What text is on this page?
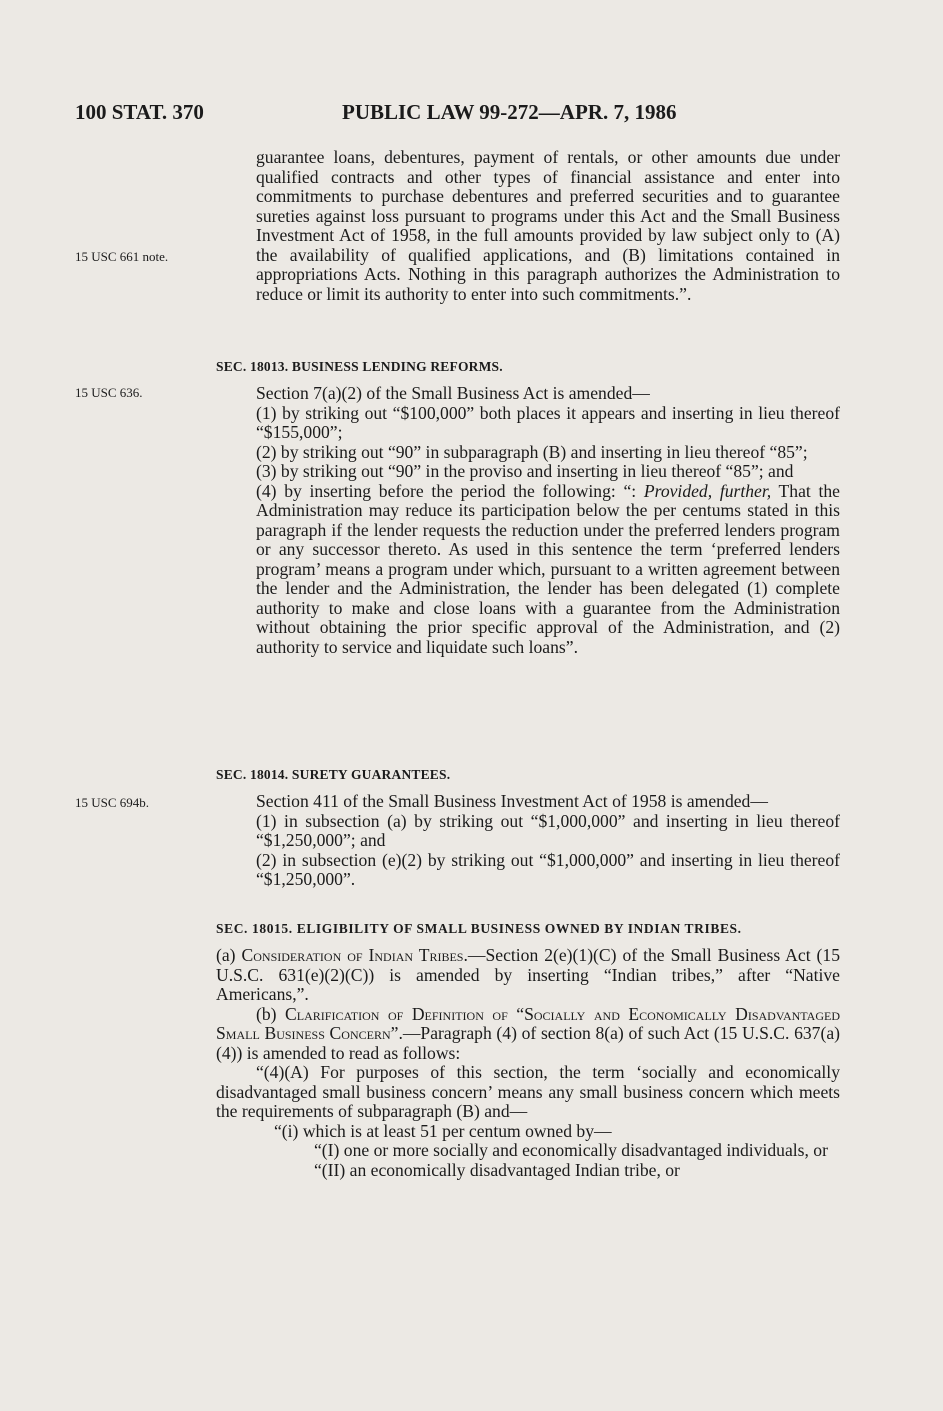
100 STAT. 370	PUBLIC LAW 99-272—APR. 7, 1986
15 USC 661 note.
15 USC 636.
15 USC 694b.

guarantee loans, debentures, payment of rentals, or other amounts due under qualified contracts and other types of financial assistance and enter into commitments to purchase debentures and preferred securities and to guarantee sureties against loss pursuant to programs under this Act and the Small Business Investment Act of 1958, in the full amounts provided by law subject only to (A) the availability of qualified applications, and (B) limitations contained in appropriations Acts. Nothing in this paragraph authorizes the Administration to reduce or limit its authority to enter into such commitments.”.

SEC. 18013. BUSINESS LENDING REFORMS.

Section 7(a)(2) of the Small Business Act is amended—

(1) by striking out “$100,000” both places it appears and inserting in lieu thereof “$155,000”;

(2) by striking out “90” in subparagraph (B) and inserting in lieu thereof “85”;

(3) by striking out “90” in the proviso and inserting in lieu thereof “85”; and

(4) by inserting before the period the following: “: Provided, further, That the Administration may reduce its participation below the per centums stated in this paragraph if the lender requests the reduction under the preferred lenders program or any successor thereto. As used in this sentence the term ‘preferred lenders program’ means a program under which, pursuant to a written agreement between the lender and the Administration, the lender has been delegated (1) complete authority to make and close loans with a guarantee from the Administration without obtaining the prior specific approval of the Administration, and (2) authority to service and liquidate such loans”.

SEC. 18014. SURETY GUARANTEES.

Section 411 of the Small Business Investment Act of 1958 is amended—

(1) in subsection (a) by striking out “$1,000,000” and inserting in lieu thereof “$1,250,000”; and

(2) in subsection (e)(2) by striking out “$1,000,000” and inserting in lieu thereof “$1,250,000”.

SEC. 18015. ELIGIBILITY OF SMALL BUSINESS OWNED BY INDIAN TRIBES.

(a) Consideration of Indian Tribes.—Section 2(e)(1)(C) of the Small Business Act (15 U.S.C. 631(e)(2)(C)) is amended by inserting “Indian tribes,” after “Native Americans,”.

(b) Clarification of Definition of “Socially and Economically Disadvantaged Small Business Concern”.—Paragraph (4) of section 8(a) of such Act (15 U.S.C. 637(a)(4)) is amended to read as follows:

“(4)(A) For purposes of this section, the term ‘socially and economically disadvantaged small business concern’ means any small business concern which meets the requirements of subparagraph (B) and—

“(i) which is at least 51 per centum owned by—

“(I) one or more socially and economically disadvantaged individuals, or

“(II) an economically disadvantaged Indian tribe, or
